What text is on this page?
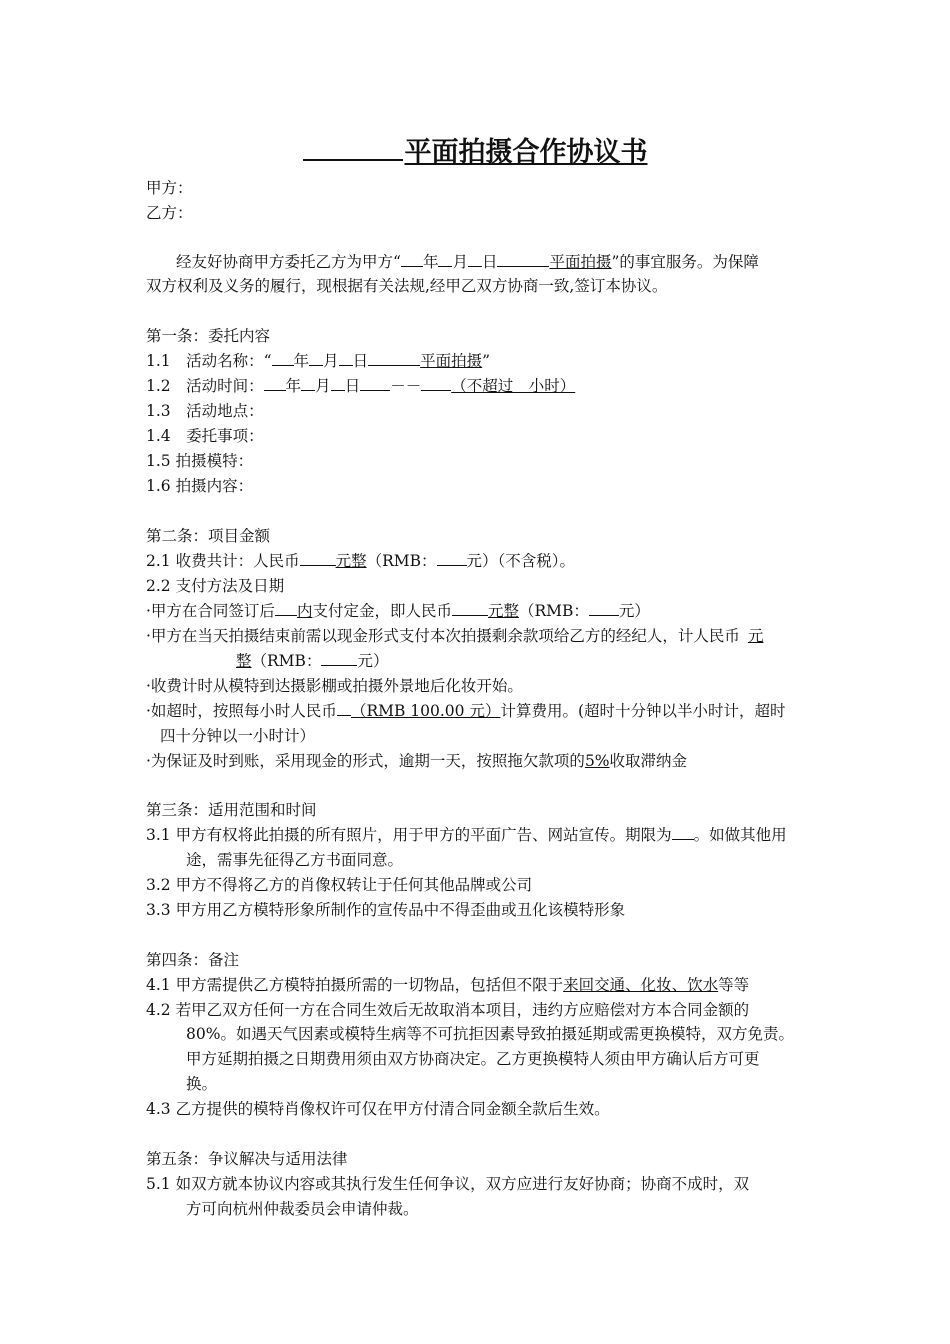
平面拍摄合作协议书
甲方：
乙方：
经友好协商甲方委托乙方为甲方“ 年 月 日	平面拍摄”的事宜服务。为保障
双方权利及义务的履行，现根据有关法规,经甲乙双方协商一致,签订本协议。
第一条：委托内容
1.1　活动名称：“ 年 月 日	平面拍摄”
1.2　活动时间： 年 月 日 －－ （不超过　小时）
1.3　活动地点：
1.4　委托事项：
1.5 拍摄模特：
1.6 拍摄内容：
第二条：项目金额
2.1 收费共计：人民币 元整（RMB： 元）（不含税）。
2.2 支付方法及日期
·甲方在合同签订后 内支付定金，即人民币 元整（RMB： 元）
·甲方在当天拍摄结束前需以现金形式支付本次拍摄剩余款项给乙方的经纪人，计人民币 元
整（RMB： 元）
·收费计时从模特到达摄影棚或拍摄外景地后化妆开始。
·如超时，按照每小时人民币 （RMB 100.00 元）计算费用。(超时十分钟以半小时计，超时
四十分钟以一小时计）
·为保证及时到账，采用现金的形式，逾期一天，按照拖欠款项的5%收取滞纳金
第三条：适用范围和时间
3.1 甲方有权将此拍摄的所有照片，用于甲方的平面广告、网站宣传。期限为 。如做其他用
途，需事先征得乙方书面同意。
3.2 甲方不得将乙方的肖像权转让于任何其他品牌或公司
3.3 甲方用乙方模特形象所制作的宣传品中不得歪曲或丑化该模特形象
第四条：备注
4.1 甲方需提供乙方模特拍摄所需的一切物品，包括但不限于来回交通、化妆、饮水等等
4.2 若甲乙双方任何一方在合同生效后无故取消本项目，违约方应赔偿对方本合同金额的
80%。如遇天气因素或模特生病等不可抗拒因素导致拍摄延期或需更换模特，双方免责。
甲方延期拍摄之日期费用须由双方协商决定。乙方更换模特人须由甲方确认后方可更
换。
4.3 乙方提供的模特肖像权许可仅在甲方付清合同金额全款后生效。
第五条：争议解决与适用法律
5.1 如双方就本协议内容或其执行发生任何争议，双方应进行友好协商；协商不成时，双
方可向杭州仲裁委员会申请仲裁。
